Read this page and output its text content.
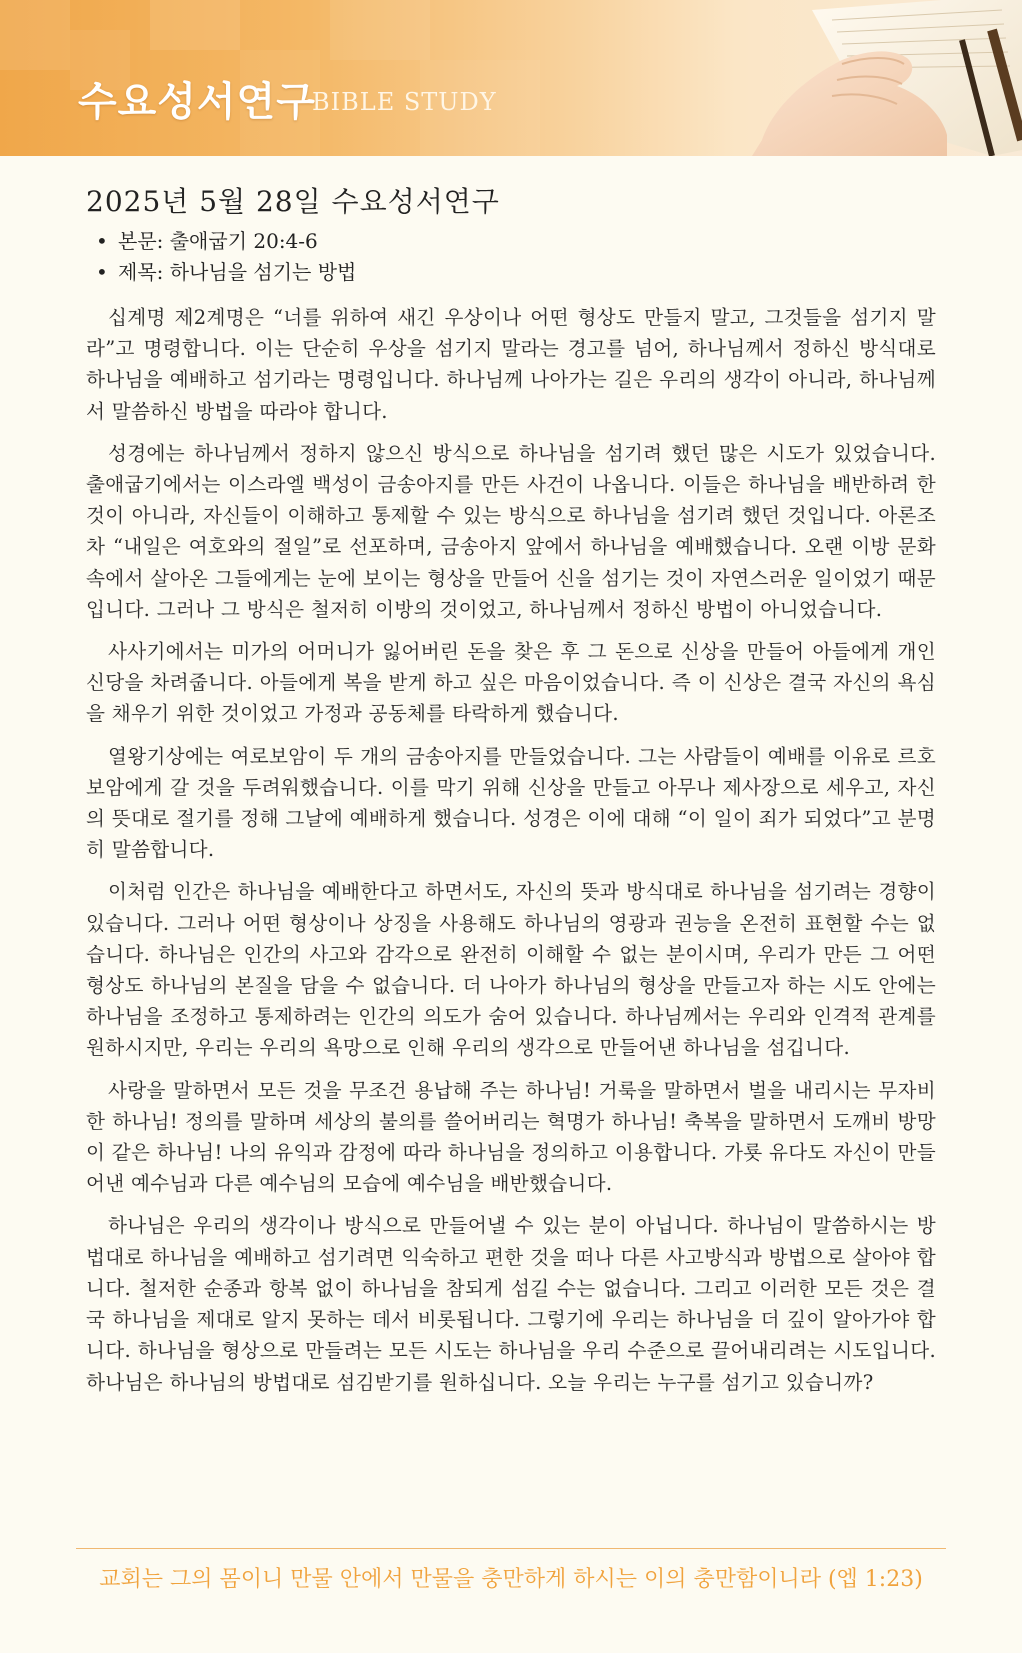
수요성서연구
BIBLE STUDY
2025년 5월 28일 수요성서연구
• 본문: 출애굽기 20:4-6
• 제목: 하나님을 섬기는 방법

십계명 제2계명은 “너를 위하여 새긴 우상이나 어떤 형상도 만들지 말고, 그것들을 섬기지 말라”고 명령합니다. 이는 단순히 우상을 섬기지 말라는 경고를 넘어, 하나님께서 정하신 방식대로 하나님을 예배하고 섬기라는 명령입니다. 하나님께 나아가는 길은 우리의 생각이 아니라, 하나님께서 말씀하신 방법을 따라야 합니다.

성경에는 하나님께서 정하지 않으신 방식으로 하나님을 섬기려 했던 많은 시도가 있었습니다. 출애굽기에서는 이스라엘 백성이 금송아지를 만든 사건이 나옵니다. 이들은 하나님을 배반하려 한 것이 아니라, 자신들이 이해하고 통제할 수 있는 방식으로 하나님을 섬기려 했던 것입니다. 아론조차 “내일은 여호와의 절일”로 선포하며, 금송아지 앞에서 하나님을 예배했습니다. 오랜 이방 문화 속에서 살아온 그들에게는 눈에 보이는 형상을 만들어 신을 섬기는 것이 자연스러운 일이었기 때문입니다. 그러나 그 방식은 철저히 이방의 것이었고, 하나님께서 정하신 방법이 아니었습니다.

사사기에서는 미가의 어머니가 잃어버린 돈을 찾은 후 그 돈으로 신상을 만들어 아들에게 개인 신당을 차려줍니다. 아들에게 복을 받게 하고 싶은 마음이었습니다. 즉 이 신상은 결국 자신의 욕심을 채우기 위한 것이었고 가정과 공동체를 타락하게 했습니다.

열왕기상에는 여로보암이 두 개의 금송아지를 만들었습니다. 그는 사람들이 예배를 이유로 르호보암에게 갈 것을 두려워했습니다. 이를 막기 위해 신상을 만들고 아무나 제사장으로 세우고, 자신의 뜻대로 절기를 정해 그날에 예배하게 했습니다. 성경은 이에 대해 “이 일이 죄가 되었다”고 분명히 말씀합니다.

이처럼 인간은 하나님을 예배한다고 하면서도, 자신의 뜻과 방식대로 하나님을 섬기려는 경향이 있습니다. 그러나 어떤 형상이나 상징을 사용해도 하나님의 영광과 권능을 온전히 표현할 수는 없습니다. 하나님은 인간의 사고와 감각으로 완전히 이해할 수 없는 분이시며, 우리가 만든 그 어떤 형상도 하나님의 본질을 담을 수 없습니다. 더 나아가 하나님의 형상을 만들고자 하는 시도 안에는 하나님을 조정하고 통제하려는 인간의 의도가 숨어 있습니다. 하나님께서는 우리와 인격적 관계를 원하시지만, 우리는 우리의 욕망으로 인해 우리의 생각으로 만들어낸 하나님을 섬깁니다.

사랑을 말하면서 모든 것을 무조건 용납해 주는 하나님! 거룩을 말하면서 벌을 내리시는 무자비한 하나님! 정의를 말하며 세상의 불의를 쓸어버리는 혁명가 하나님! 축복을 말하면서 도깨비 방망이 같은 하나님! 나의 유익과 감정에 따라 하나님을 정의하고 이용합니다. 가룟 유다도 자신이 만들어낸 예수님과 다른 예수님의 모습에 예수님을 배반했습니다.

하나님은 우리의 생각이나 방식으로 만들어낼 수 있는 분이 아닙니다. 하나님이 말씀하시는 방법대로 하나님을 예배하고 섬기려면 익숙하고 편한 것을 떠나 다른 사고방식과 방법으로 살아야 합니다. 철저한 순종과 항복 없이 하나님을 참되게 섬길 수는 없습니다. 그리고 이러한 모든 것은 결국 하나님을 제대로 알지 못하는 데서 비롯됩니다. 그렇기에 우리는 하나님을 더 깊이 알아가야 합니다. 하나님을 형상으로 만들려는 모든 시도는 하나님을 우리 수준으로 끌어내리려는 시도입니다. 하나님은 하나님의 방법대로 섬김받기를 원하십니다. 오늘 우리는 누구를 섬기고 있습니까?

교회는 그의 몸이니 만물 안에서 만물을 충만하게 하시는 이의 충만함이니라 (엡 1:23)
